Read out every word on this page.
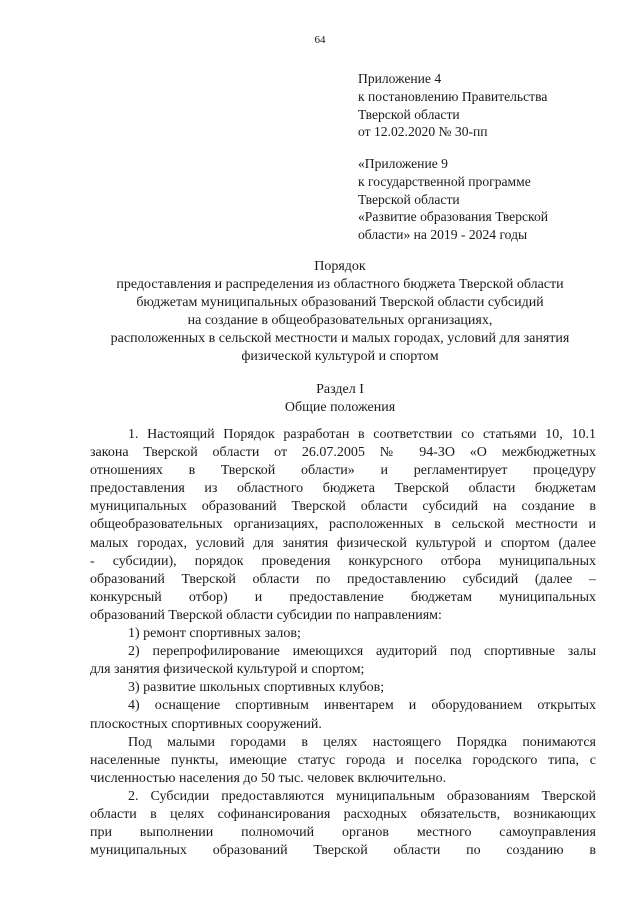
64
Приложение 4
к постановлению Правительства
Тверской области
от 12.02.2020 № 30-пп
«Приложение 9
к государственной программе
Тверской области
«Развитие образования Тверской
области» на 2019 - 2024 годы
Порядок
предоставления и распределения из областного бюджета Тверской области
бюджетам муниципальных образований Тверской области субсидий
на создание в общеобразовательных организациях,
расположенных в сельской местности и малых городах, условий для занятия
физической культурой и спортом
Раздел I
Общие положения
1. Настоящий Порядок разработан в соответствии со статьями 10, 10.1
закона Тверской области от 26.07.2005 № 94-ЗО «О межбюджетных
отношениях в Тверской области» и регламентирует процедуру
предоставления из областного бюджета Тверской области бюджетам
муниципальных образований Тверской области субсидий на создание в
общеобразовательных организациях, расположенных в сельской местности и
малых городах, условий для занятия физической культурой и спортом (далее
- субсидии), порядок проведения конкурсного отбора муниципальных
образований Тверской области по предоставлению субсидий (далее –
конкурсный отбор) и предоставление бюджетам муниципальных
образований Тверской области субсидии по направлениям:
1) ремонт спортивных залов;
2) перепрофилирование имеющихся аудиторий под спортивные залы
для занятия физической культурой и спортом;
3) развитие школьных спортивных клубов;
4) оснащение спортивным инвентарем и оборудованием открытых
плоскостных спортивных сооружений.
Под малыми городами в целях настоящего Порядка понимаются
населенные пункты, имеющие статус города и поселка городского типа, с
численностью населения до 50 тыс. человек включительно.
2. Субсидии предоставляются муниципальным образованиям Тверской
области в целях софинансирования расходных обязательств, возникающих
при выполнении полномочий органов местного самоуправления
муниципальных образований Тверской области по созданию в
